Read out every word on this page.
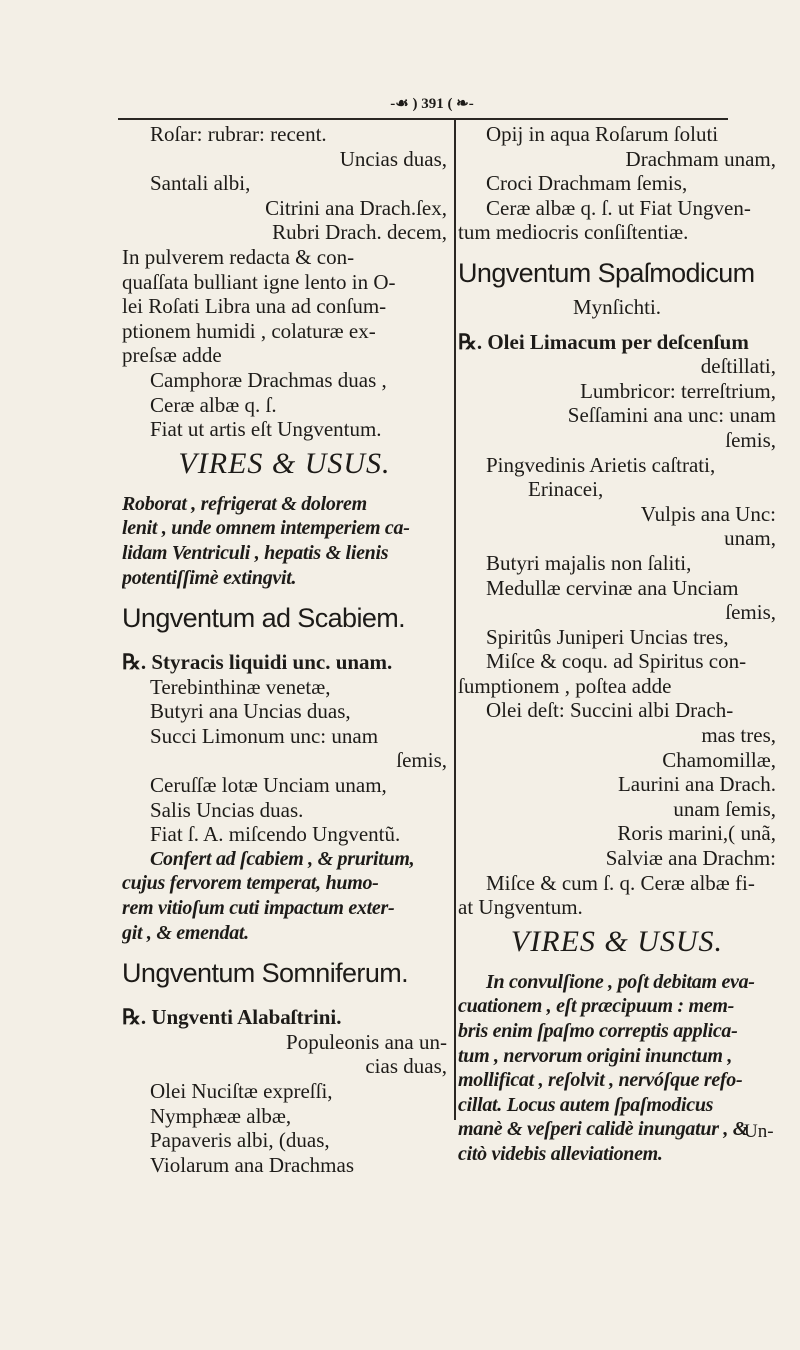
-☙ ) 391 ( ❧-
Roſar: rubrar: recent.
Uncias duas,
Santali albi,
Citrini ana Drach.ſex,
Rubri Drach. decem,
In pulverem redacta & con-
quaſſata bulliant igne lento in O-
lei Roſati Libra una ad conſum-
ptionem humidi , colaturæ ex-
preſsæ adde
Camphoræ Drachmas duas ,
Ceræ albæ q. ſ.
Fiat ut artis eſt Ungventum.
VIRES & USUS.
Roborat , refrigerat & dolorem
lenit , unde omnem intemperiem ca-
lidam Ventriculi , hepatis & lienis
potentiſſimè extingvit.
Ungventum ad Scabiem.
℞. Styracis liquidi unc. unam.
Terebinthinæ venetæ,
Butyri ana Uncias duas,
Succi Limonum unc: unam
ſemis,
Ceruſſæ lotæ Unciam unam,
Salis Uncias duas.
Fiat ſ. A. miſcendo Ungventũ.
Confert ad ſcabiem , & pruritum,
cujus fervorem temperat, humo-
rem vitioſum cuti impactum exter-
git , & emendat.
Ungventum Somniferum.
℞. Ungventi Alabaſtrini.
Populeonis ana un-
cias duas,
Olei Nuciſtæ expreſſi,
Nymphææ albæ,
Papaveris albi, (duas,
Violarum ana Drachmas
Opij in aqua Roſarum ſoluti
Drachmam unam,
Croci Drachmam ſemis,
Ceræ albæ q. ſ. ut Fiat Ungven-
tum mediocris conſiſtentiæ.
Ungventum Spaſmodicum
Mynſichti.
℞. Olei Limacum per deſcenſum
deſtillati,
Lumbricor: terreſtrium,
Seſſamini ana unc: unam
ſemis,
Pingvedinis Arietis caſtrati,
Erinacei,
Vulpis ana Unc:
unam,
Butyri majalis non ſaliti,
Medullæ cervinæ ana Unciam
ſemis,
Spiritûs Juniperi Uncias tres,
Miſce & coqu. ad Spiritus con-
ſumptionem , poſtea adde
Olei deſt: Succini albi Drach-
mas tres,
Chamomillæ,
Laurini ana Drach.
unam ſemis,
Roris marini,( unã,
Salviæ ana Drachm:
Miſce & cum ſ. q. Ceræ albæ fi-
at Ungventum.
VIRES & USUS.
In convulſione , poſt debitam eva-
cuationem , eſt præcipuum : mem-
bris enim ſpaſmo correptis applica-
tum , nervorum origini inunctum ,
mollificat , reſolvit , nervóſque refo-
cillat. Locus autem ſpaſmodicus
manè & veſperi calidè inungatur , &
citò videbis alleviationem.
Un-
